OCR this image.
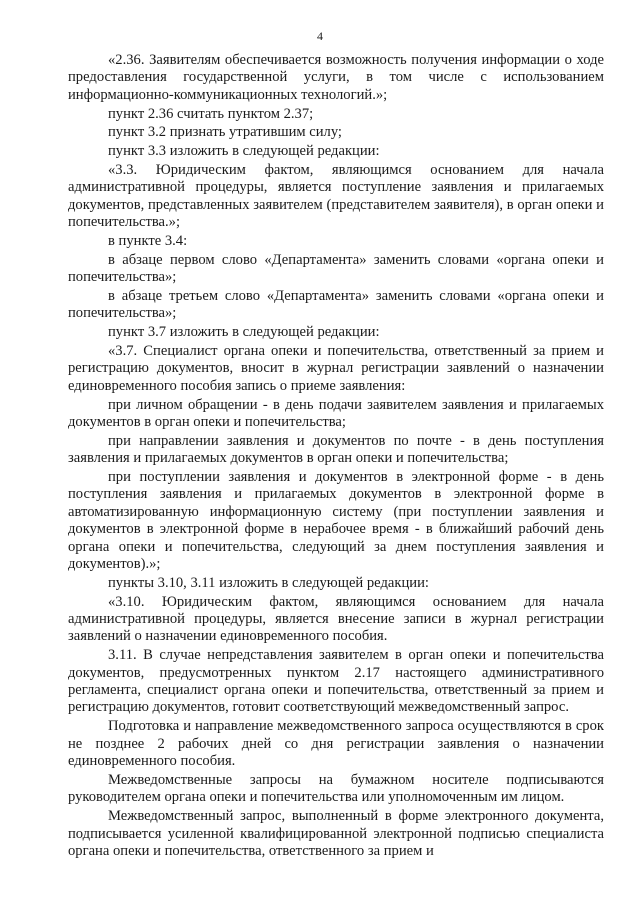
4

«2.36. Заявителям обеспечивается возможность получения информации о ходе предоставления государственной услуги, в том числе с использованием информационно-коммуникационных технологий.»;

пункт 2.36 считать пунктом 2.37;

пункт 3.2 признать утратившим силу;

пункт 3.3 изложить в следующей редакции:

«3.3. Юридическим фактом, являющимся основанием для начала административной процедуры, является поступление заявления и прилагаемых документов, представленных заявителем (представителем заявителя), в орган опеки и попечительства.»;

в пункте 3.4:

в абзаце первом слово «Департамента» заменить словами «органа опеки и попечительства»;

в абзаце третьем слово «Департамента» заменить словами «органа опеки и попечительства»;

пункт 3.7 изложить в следующей редакции:

«3.7. Специалист органа опеки и попечительства, ответственный за прием и регистрацию документов, вносит в журнал регистрации заявлений о назначении единовременного пособия запись о приеме заявления:

при личном обращении - в день подачи заявителем заявления и прилагаемых документов в орган опеки и попечительства;

при направлении заявления и документов по почте - в день поступления заявления и прилагаемых документов в орган опеки и попечительства;

при поступлении заявления и документов в электронной форме - в день поступления заявления и прилагаемых документов в электронной форме в автоматизированную информационную систему (при поступлении заявления и документов в электронной форме в нерабочее время - в ближайший рабочий день органа опеки и попечительства, следующий за днем поступления заявления и документов).»;

пункты 3.10, 3.11 изложить в следующей редакции:

«3.10. Юридическим фактом, являющимся основанием для начала административной процедуры, является внесение записи в журнал регистрации заявлений о назначении единовременного пособия.

3.11. В случае непредставления заявителем в орган опеки и попечительства документов, предусмотренных пунктом 2.17 настоящего административного регламента, специалист органа опеки и попечительства, ответственный за прием и регистрацию документов, готовит соответствующий межведомственный запрос.

Подготовка и направление межведомственного запроса осуществляются в срок не позднее 2 рабочих дней со дня регистрации заявления о назначении единовременного пособия.

Межведомственные запросы на бумажном носителе подписываются руководителем органа опеки и попечительства или уполномоченным им лицом.

Межведомственный запрос, выполненный в форме электронного документа, подписывается усиленной квалифицированной электронной подписью специалиста органа опеки и попечительства, ответственного за прием и
